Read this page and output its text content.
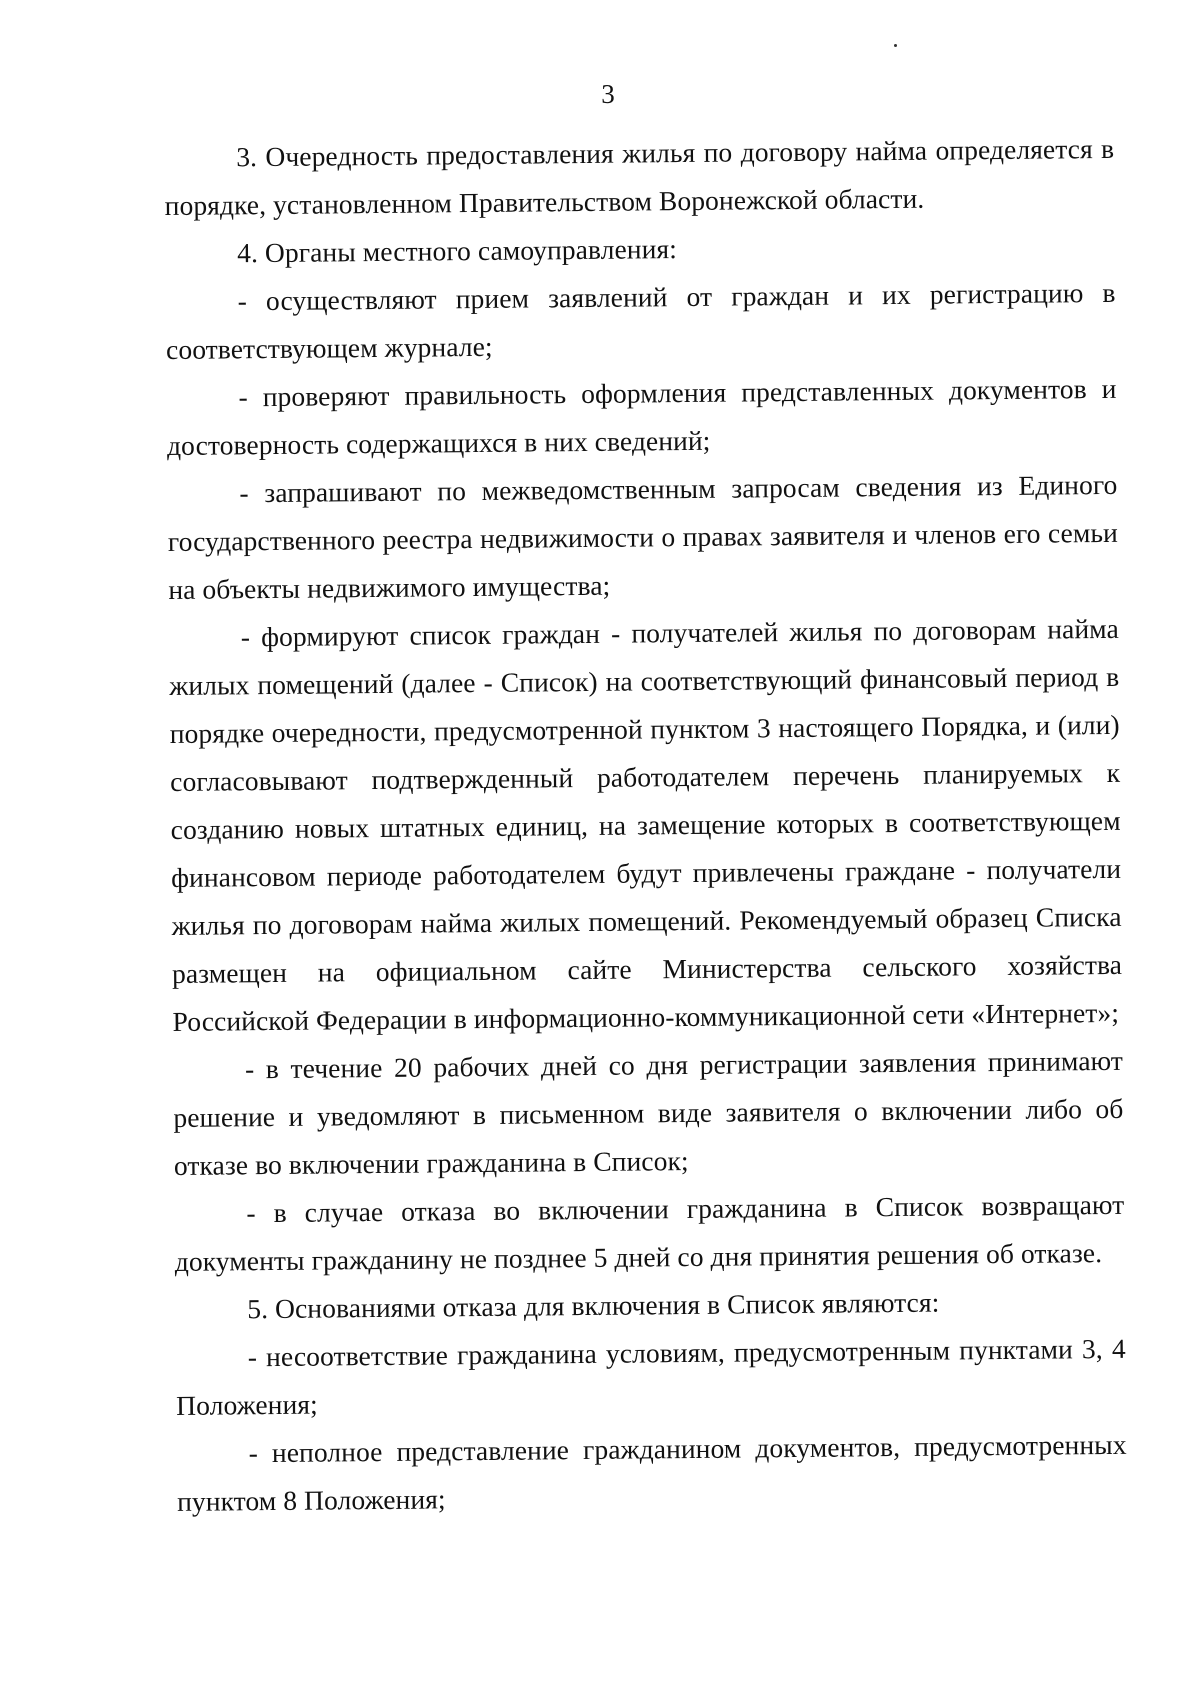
3

3. Очередность предоставления жилья по договору найма определяется в порядке, установленном Правительством Воронежской области.

4. Органы местного самоуправления:

- осуществляют прием заявлений от граждан и их регистрацию в соответствующем журнале;

- проверяют правильность оформления представленных документов и достоверность содержащихся в них сведений;

- запрашивают по межведомственным запросам сведения из Единого государственного реестра недвижимости о правах заявителя и членов его семьи на объекты недвижимого имущества;

- формируют список граждан - получателей жилья по договорам найма жилых помещений (далее - Список) на соответствующий финансовый период в порядке очередности, предусмотренной пунктом 3 настоящего Порядка, и (или) согласовывают подтвержденный работодателем перечень планируемых к созданию новых штатных единиц, на замещение которых в соответствующем финансовом периоде работодателем будут привлечены граждане - получатели жилья по договорам найма жилых помещений. Рекомендуемый образец Списка размещен на официальном сайте Министерства сельского хозяйства Российской Федерации в информационно-коммуникационной сети «Интернет»;

- в течение 20 рабочих дней со дня регистрации заявления принимают решение и уведомляют в письменном виде заявителя о включении либо об отказе во включении гражданина в Список;

- в случае отказа во включении гражданина в Список возвращают документы гражданину не позднее 5 дней со дня принятия решения об отказе.

5. Основаниями отказа для включения в Список являются:

- несоответствие гражданина условиям, предусмотренным пунктами 3, 4 Положения;

- неполное представление гражданином документов, предусмотренных пунктом 8 Положения;
